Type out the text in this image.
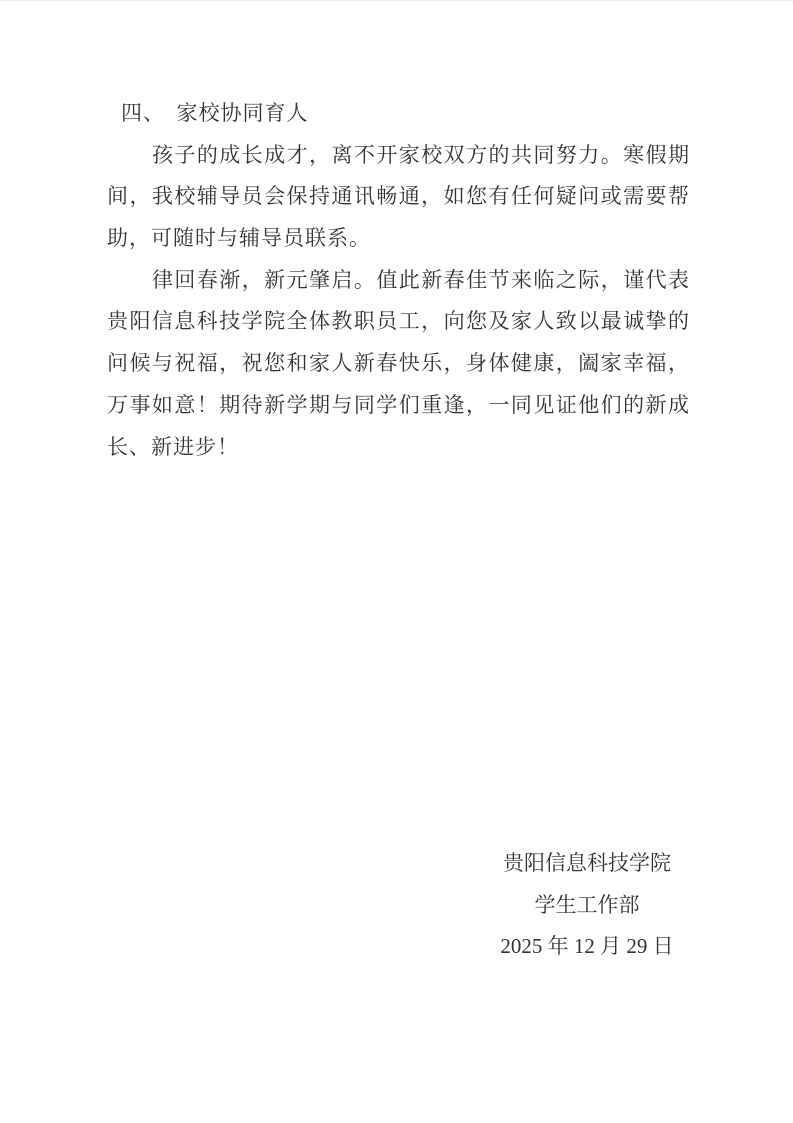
四、　家校协同育人
孩子的成长成才，离不开家校双方的共同努力。寒假期
间，我校辅导员会保持通讯畅通，如您有任何疑问或需要帮
助，可随时与辅导员联系。
律回春渐，新元肇启。值此新春佳节来临之际，谨代表
贵阳信息科技学院全体教职员工，向您及家人致以最诚挚的
问候与祝福，祝您和家人新春快乐，身体健康，阖家幸福，
万事如意！期待新学期与同学们重逢，一同见证他们的新成
长、新进步！
贵阳信息科技学院
学生工作部
2025 年 12 月 29 日
